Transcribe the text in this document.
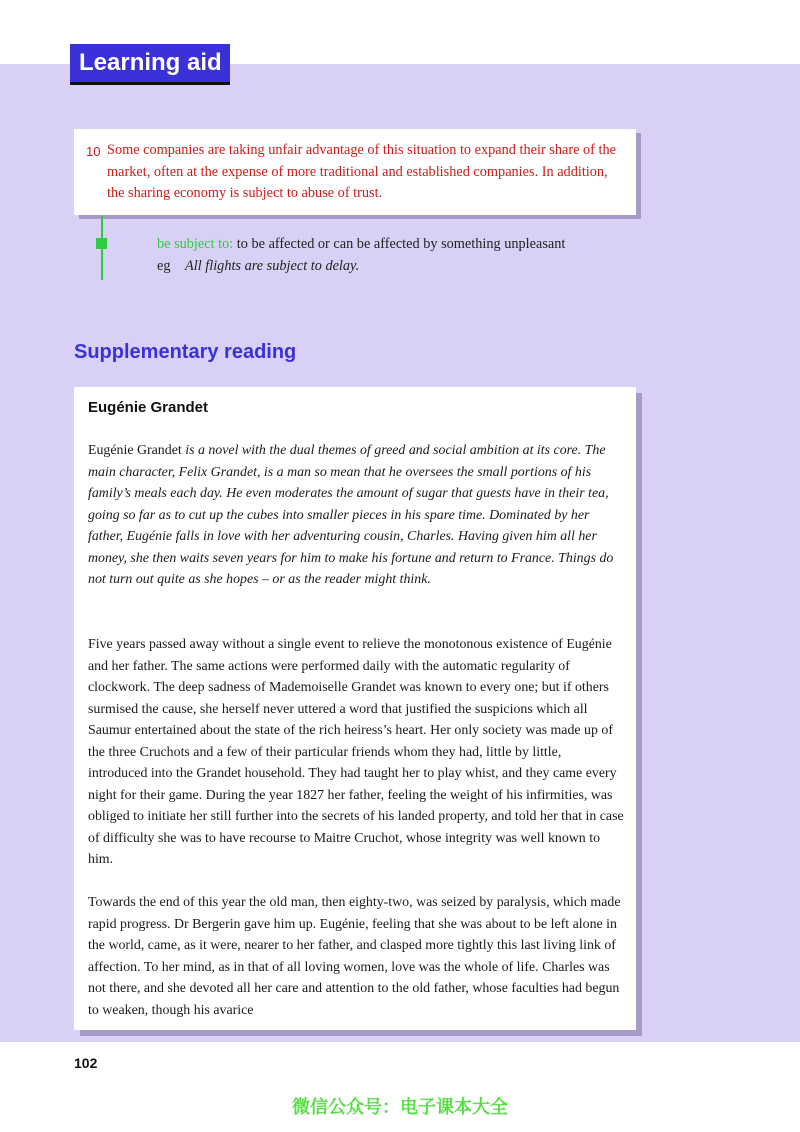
Learning aid
10 Some companies are taking unfair advantage of this situation to expand their share of the market, often at the expense of more traditional and established companies. In addition, the sharing economy is subject to abuse of trust.
be subject to: to be affected or can be affected by something unpleasant
eg All flights are subject to delay.
Supplementary reading
Eugénie Grandet

Eugénie Grandet is a novel with the dual themes of greed and social ambition at its core. The main character, Felix Grandet, is a man so mean that he oversees the small portions of his family’s meals each day. He even moderates the amount of sugar that guests have in their tea, going so far as to cut up the cubes into smaller pieces in his spare time. Dominated by her father, Eugénie falls in love with her adventuring cousin, Charles. Having given him all her money, she then waits seven years for him to make his fortune and return to France. Things do not turn out quite as she hopes – or as the reader might think.

Five years passed away without a single event to relieve the monotonous existence of Eugénie and her father. The same actions were performed daily with the automatic regularity of clockwork. The deep sadness of Mademoiselle Grandet was known to every one; but if others surmised the cause, she herself never uttered a word that justified the suspicions which all Saumur entertained about the state of the rich heiress’s heart. Her only society was made up of the three Cruchots and a few of their particular friends whom they had, little by little, introduced into the Grandet household. They had taught her to play whist, and they came every night for their game. During the year 1827 her father, feeling the weight of his infirmities, was obliged to initiate her still further into the secrets of his landed property, and told her that in case of difficulty she was to have recourse to Maitre Cruchot, whose integrity was well known to him.

Towards the end of this year the old man, then eighty-two, was seized by paralysis, which made rapid progress. Dr Bergerin gave him up. Eugénie, feeling that she was about to be left alone in the world, came, as it were, nearer to her father, and clasped more tightly this last living link of affection. To her mind, as in that of all loving women, love was the whole of life. Charles was not there, and she devoted all her care and attention to the old father, whose faculties had begun to weaken, though his avarice

102
微信公众号：电子课本大全
